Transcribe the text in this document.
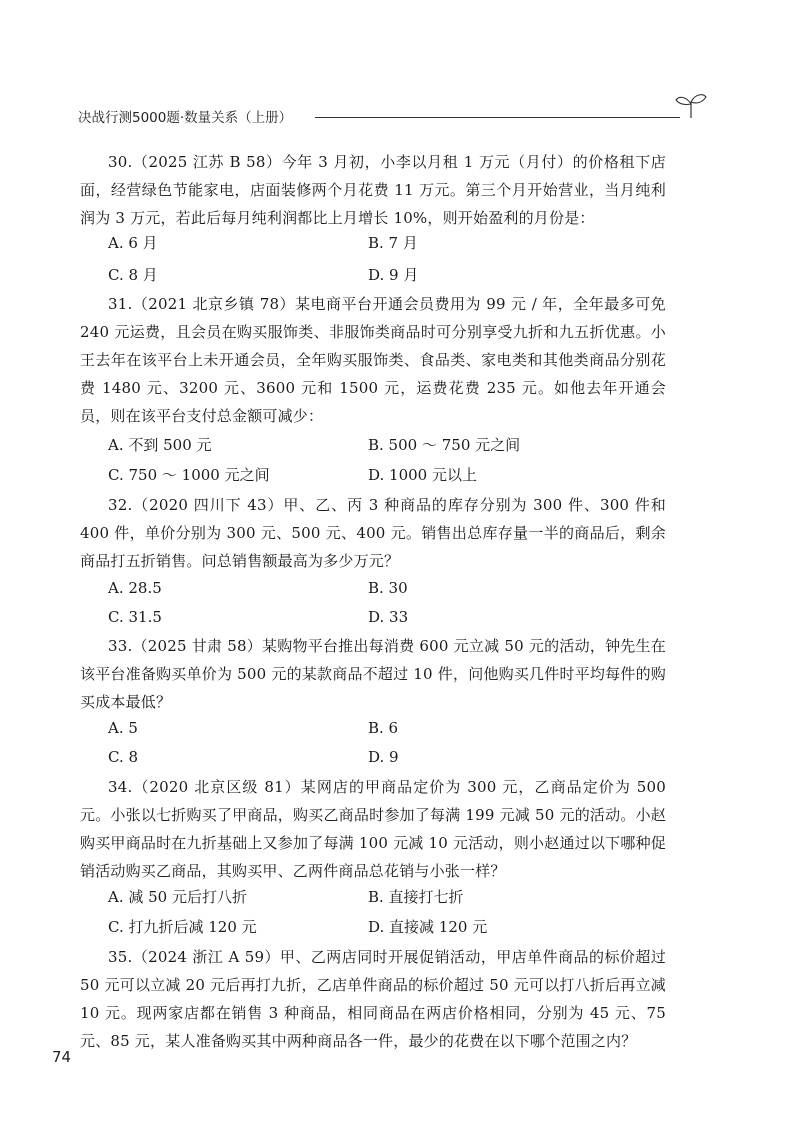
决战行测5000题·数量关系（上册）
30.（2025 江苏 B 58）今年 3 月初，小李以月租 1 万元（月付）的价格租下店面，经营绿色节能家电，店面装修两个月花费 11 万元。第三个月开始营业，当月纯利润为 3 万元，若此后每月纯利润都比上月增长 10%，则开始盈利的月份是：
A. 6 月	B. 7 月
C. 8 月	D. 9 月
31.（2021 北京乡镇 78）某电商平台开通会员费用为 99 元 / 年，全年最多可免 240 元运费，且会员在购买服饰类、非服饰类商品时可分别享受九折和九五折优惠。小王去年在该平台上未开通会员，全年购买服饰类、食品类、家电类和其他类商品分别花费 1480 元、3200 元、3600 元和 1500 元，运费花费 235 元。如他去年开通会员，则在该平台支付总金额可减少：
A. 不到 500 元	B. 500 ～ 750 元之间
C. 750 ～ 1000 元之间	D. 1000 元以上
32.（2020 四川下 43）甲、乙、丙 3 种商品的库存分别为 300 件、300 件和 400 件，单价分别为 300 元、500 元、400 元。销售出总库存量一半的商品后，剩余商品打五折销售。问总销售额最高为多少万元？
A. 28.5	B. 30
C. 31.5	D. 33
33.（2025 甘肃 58）某购物平台推出每消费 600 元立减 50 元的活动，钟先生在该平台准备购买单价为 500 元的某款商品不超过 10 件，问他购买几件时平均每件的购买成本最低？
A. 5	B. 6
C. 8	D. 9
34.（2020 北京区级 81）某网店的甲商品定价为 300 元，乙商品定价为 500 元。小张以七折购买了甲商品，购买乙商品时参加了每满 199 元减 50 元的活动。小赵购买甲商品时在九折基础上又参加了每满 100 元减 10 元活动，则小赵通过以下哪种促销活动购买乙商品，其购买甲、乙两件商品总花销与小张一样？
A. 减 50 元后打八折	B. 直接打七折
C. 打九折后减 120 元	D. 直接减 120 元
35.（2024 浙江 A 59）甲、乙两店同时开展促销活动，甲店单件商品的标价超过 50 元可以立减 20 元后再打九折，乙店单件商品的标价超过 50 元可以打八折后再立减 10 元。现两家店都在销售 3 种商品，相同商品在两店价格相同，分别为 45 元、75 元、85 元，某人准备购买其中两种商品各一件，最少的花费在以下哪个范围之内？
74
